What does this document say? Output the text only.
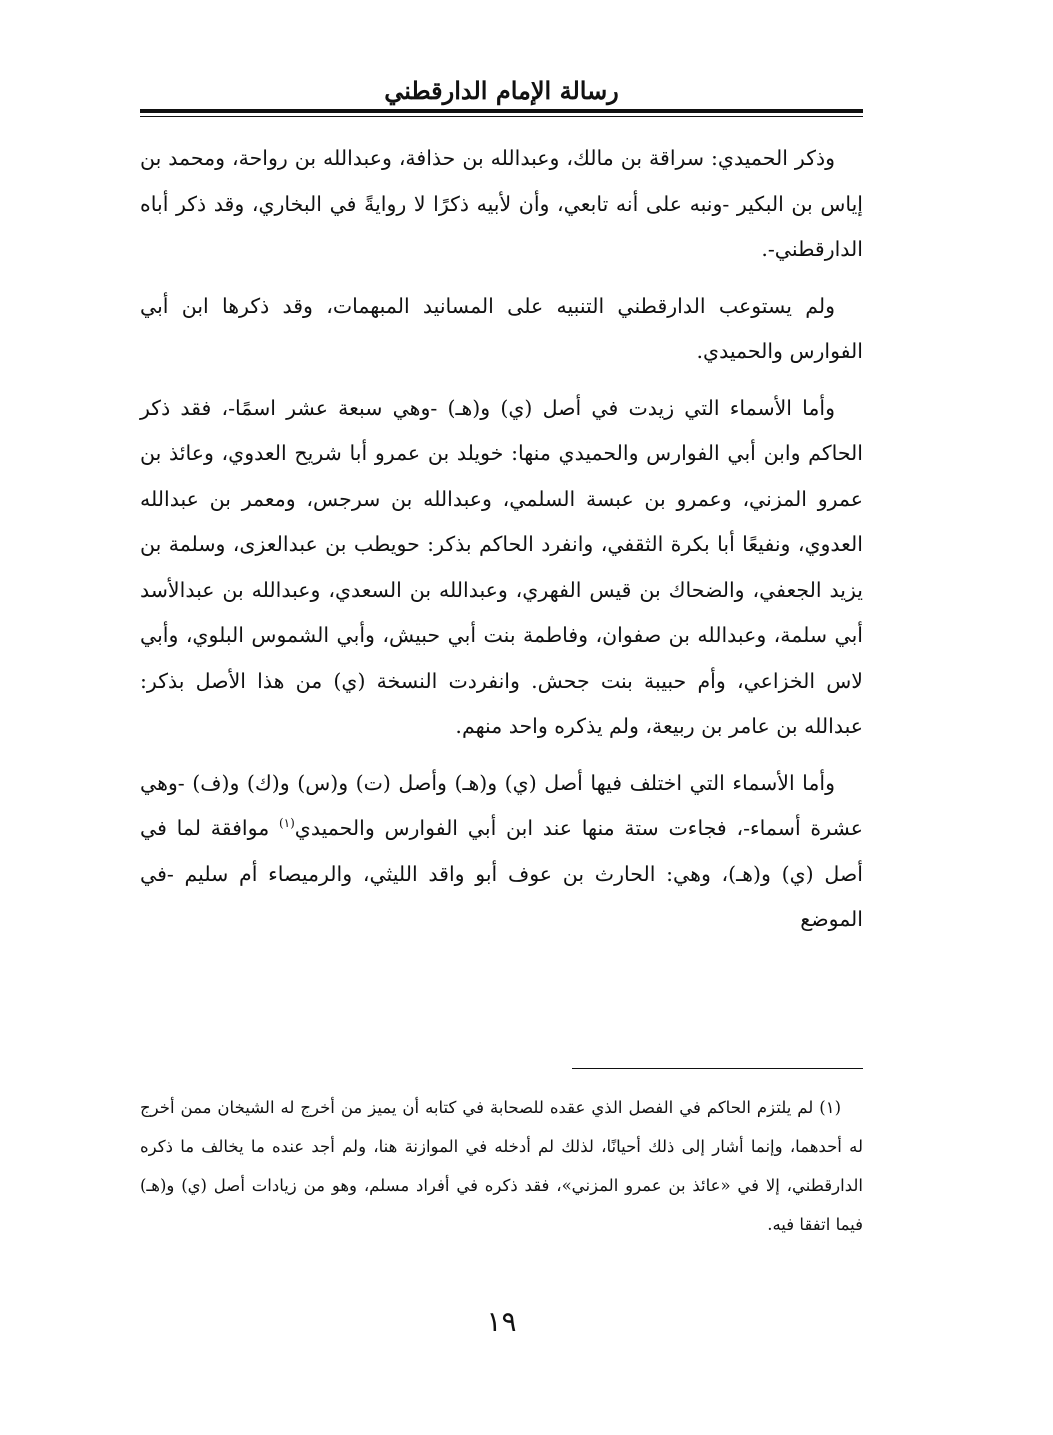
رسالة الإمام الدارقطني

وذكر الحميدي: سراقة بن مالك، وعبدالله بن حذافة، وعبدالله بن رواحة، ومحمد بن إياس بن البكير -ونبه على أنه تابعي، وأن لأبيه ذكرًا لا روايةً في البخاري، وقد ذكر أباه الدارقطني-.

ولم يستوعب الدارقطني التنبيه على المسانيد المبهمات، وقد ذكرها ابن أبي الفوارس والحميدي.

وأما الأسماء التي زيدت في أصل (ي) و(هـ) -وهي سبعة عشر اسمًا-، فقد ذكر الحاكم وابن أبي الفوارس والحميدي منها: خويلد بن عمرو أبا شريح العدوي، وعائذ بن عمرو المزني، وعمرو بن عبسة السلمي، وعبدالله بن سرجس، ومعمر بن عبدالله العدوي، ونفيعًا أبا بكرة الثقفي، وانفرد الحاكم بذكر: حويطب بن عبدالعزى، وسلمة بن يزيد الجعفي، والضحاك بن قيس الفهري، وعبدالله بن السعدي، وعبدالله بن عبدالأسد أبي سلمة، وعبدالله بن صفوان، وفاطمة بنت أبي حبيش، وأبي الشموس البلوي، وأبي لاس الخزاعي، وأم حبيبة بنت جحش. وانفردت النسخة (ي) من هذا الأصل بذكر: عبدالله بن عامر بن ربيعة، ولم يذكره واحد منهم.

وأما الأسماء التي اختلف فيها أصل (ي) و(هـ) وأصل (ت) و(س) و(ك) و(ف) -وهي عشرة أسماء-، فجاءت ستة منها عند ابن أبي الفوارس والحميدي$^{(١)}$ موافقة لما في أصل (ي) و(هـ)، وهي: الحارث بن عوف أبو واقد الليثي، والرميصاء أم سليم -في الموضع

(١) لم يلتزم الحاكم في الفصل الذي عقده للصحابة في كتابه أن يميز من أخرج له الشيخان ممن أخرج له أحدهما، وإنما أشار إلى ذلك أحيانًا، لذلك لم أدخله في الموازنة هنا، ولم أجد عنده ما يخالف ما ذكره الدارقطني، إلا في «عائذ بن عمرو المزني»، فقد ذكره في أفراد مسلم، وهو من زيادات أصل (ي) و(هـ) فيما اتفقا فيه.

١٩
